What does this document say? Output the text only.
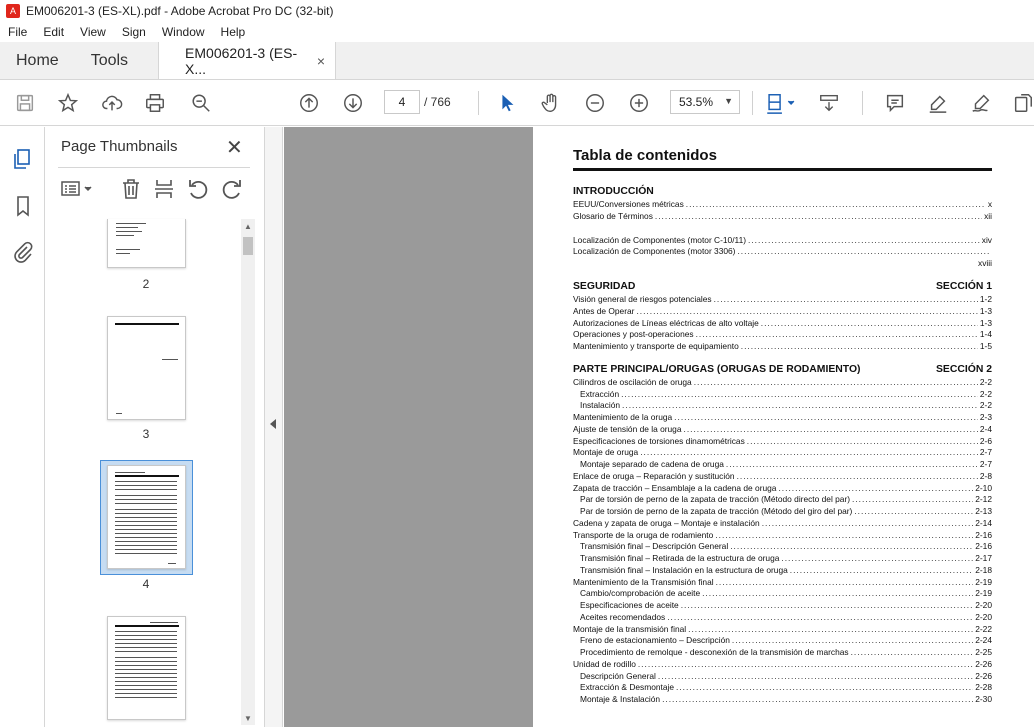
A EM006201-3 (ES-XL).pdf - Adobe Acrobat Pro DC (32-bit)
File	Edit	View	Sign	Window	Help
Home	Tools	EM006201-3 (ES-X...	×
4	/ 766	53.5% ▼
Page Thumbnails ✕
2
3
4
▲
▼
Tabla de contenidos
INTRODUCCIÓN
EEUU/Conversiones métricas .....	x
Glosario de Términos .....	xii
Localización de Componentes (motor C-10/11) .....	xiv
Localización de Componentes (motor 3306)
.....
xviii
SEGURIDAD	SECCIÓN 1
Visión general de riesgos potenciales .....	1-2
Antes de Operar .....	1-3
Autorizaciones de Líneas eléctricas de alto voltaje .....	1-3
Operaciones y post-operaciones .....	1-4
Mantenimiento y transporte de equipamiento .....	1-5
PARTE PRINCIPAL/ORUGAS (ORUGAS DE RODAMIENTO)	SECCIÓN 2
Cilindros de oscilación de oruga .....	2-2
Extracción .....	2-2
Instalación .....	2-2
Mantenimiento de la oruga .....	2-3
Ajuste de tensión de la oruga .....	2-4
Especificaciones de torsiones dinamométricas .....	2-6
Montaje de oruga .....	2-7
Montaje separado de cadena de oruga .....	2-7
Enlace de oruga – Reparación y sustitución .....	2-8
Zapata de tracción – Ensamblaje a la cadena de oruga .....	2-10
Par de torsión de perno de la zapata de tracción (Método directo del par) .....	2-12
Par de torsión de perno de la zapata de tracción (Método del giro del par) .....	2-13
Cadena y zapata de oruga – Montaje e instalación .....	2-14
Transporte de la oruga de rodamiento .....	2-16
Transmisión final – Descripción General .....	2-16
Transmisión final – Retirada de la estructura de oruga .....	2-17
Transmisión final – Instalación en la estructura de oruga .....	2-18
Mantenimiento de la Transmisión final .....	2-19
Cambio/comprobación de aceite .....	2-19
Especificaciones de aceite .....	2-20
Aceites recomendados .....	2-20
Montaje de la transmisión final .....	2-22
Freno de estacionamiento – Descripción .....	2-24
Procedimiento de remolque - desconexión de la transmisión de marchas .....	2-25
Unidad de rodillo .....	2-26
Descripción General .....	2-26
Extracción & Desmontaje .....	2-28
Montaje & Instalación .....	2-30
